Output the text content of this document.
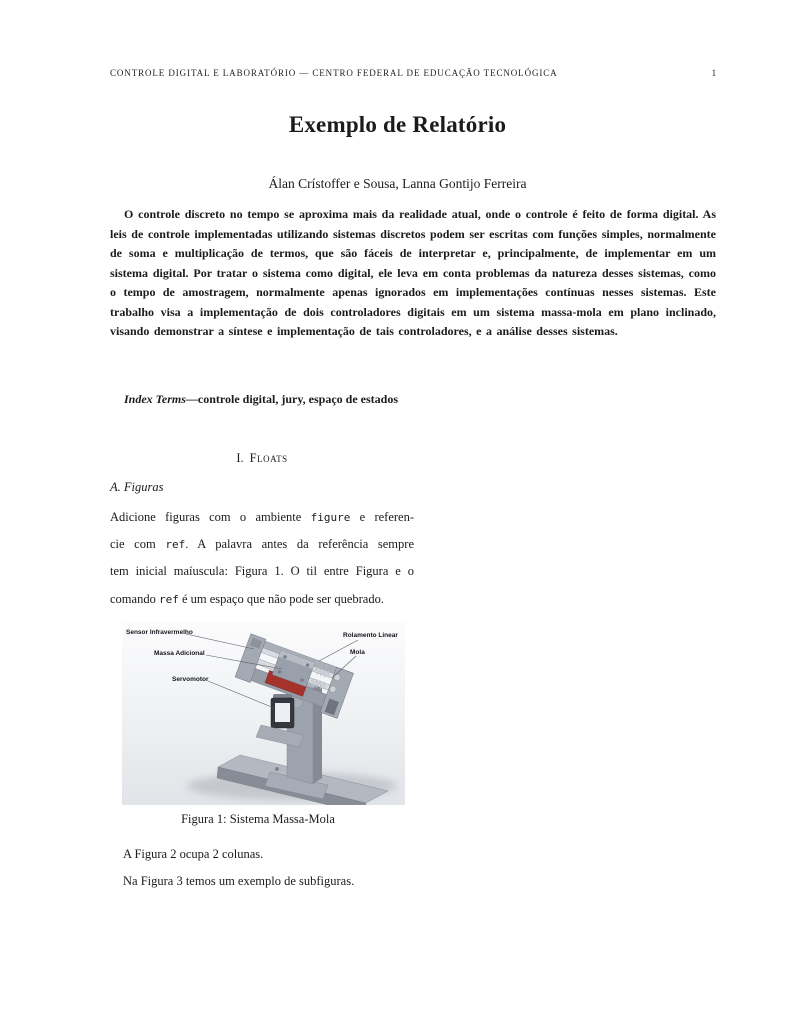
CONTROLE DIGITAL E LABORATÓRIO — CENTRO FEDERAL DE EDUCAÇÃO TECNOLÓGICA	1
Exemplo de Relatório
Álan Crístoffer e Sousa, Lanna Gontijo Ferreira
O controle discreto no tempo se aproxima mais da realidade atual, onde o controle é feito de forma digital. As leis de controle implementadas utilizando sistemas discretos podem ser escritas com funções simples, normalmente de soma e multiplicação de termos, que são fáceis de interpretar e, principalmente, de implementar em um sistema digital. Por tratar o sistema como digital, ele leva em conta problemas da natureza desses sistemas, como o tempo de amostragem, normalmente apenas ignorados em implementações contínuas nesses sistemas. Este trabalho visa a implementação de dois controladores digitais em um sistema massa-mola em plano inclinado, visando demonstrar a síntese e implementação de tais controladores, e a análise desses sistemas.
Index Terms—controle digital, jury, espaço de estados
I. Floats
A. Figuras
Adicione figuras com o ambiente figure e referen-
cie com ref. A palavra antes da referência sempre
tem inicial maíuscula: Figura 1. O til entre Figura e o
comando ref é um espaço que não pode ser quebrado.
Sensor Infravermelho
Massa Adicional
Servomotor
Rolamento Linear
Mola
Figura 1: Sistema Massa-Mola
A Figura 2 ocupa 2 colunas.
Na Figura 3 temos um exemplo de subfiguras.
